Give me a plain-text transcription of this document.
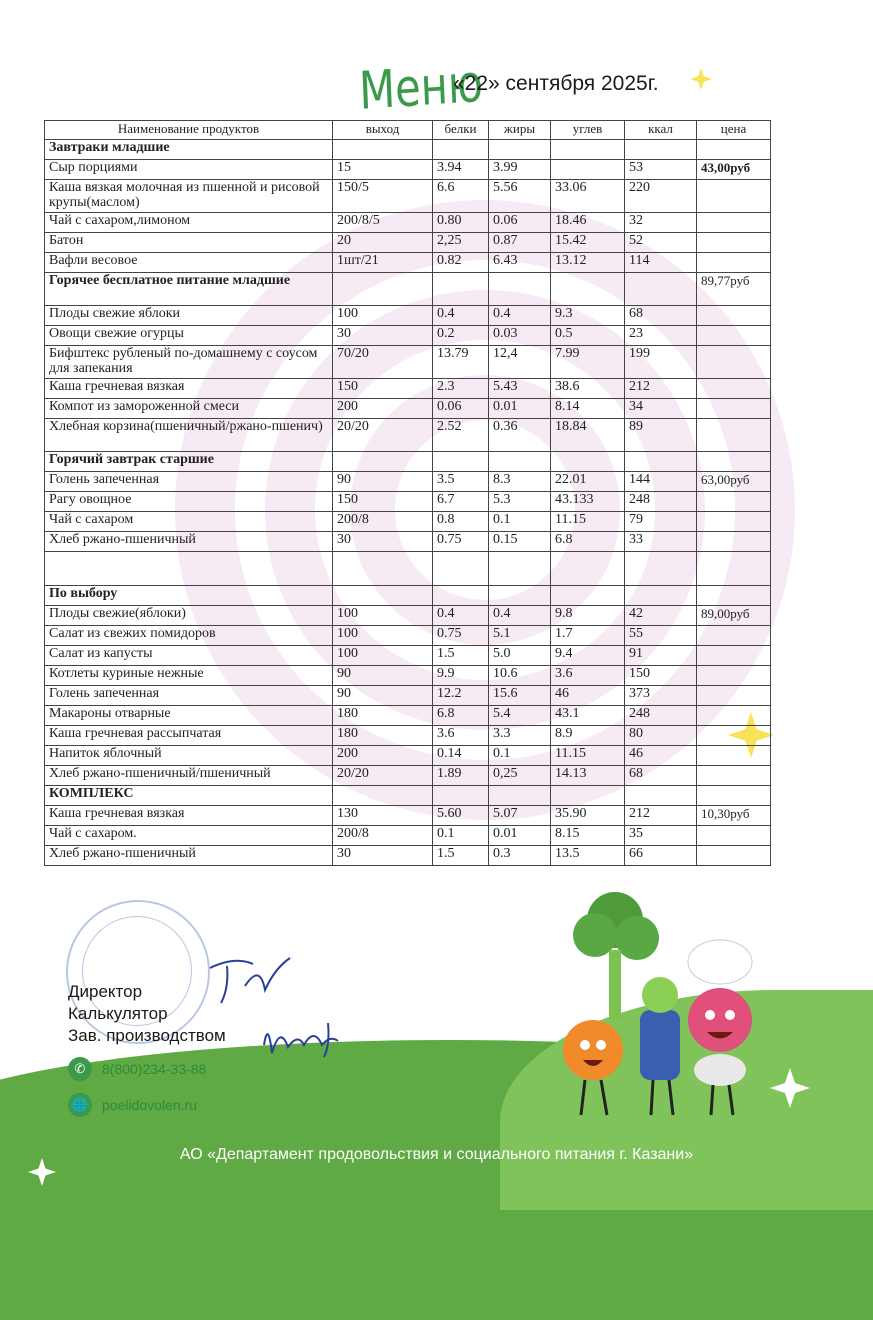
Меню
«22» сентября 2025г.
Наименование продуктов	выход	белки	жиры	углев	ккал	цена
Завтраки младшие						
Сыр порциями	15	3.94	3.99		53	43,00руб
Каша вязкая молочная из пшенной и рисовой крупы(маслом)	150/5	6.6	5.56	33.06	220	
Чай с сахаром,лимоном	200/8/5	0.80	0.06	18.46	32	
Батон	20	2,25	0.87	15.42	52	
Вафли весовое	1шт/21	0.82	6.43	13.12	114	
Горячее бесплатное питание младшие						89,77руб
Плоды свежие яблоки	100	0.4	0.4	9.3	68	
Овощи свежие огурцы	30	0.2	0.03	0.5	23	
Бифштекс рубленый по-домашнему с соусом для запекания	70/20	13.79	12,4	7.99	199	
Каша гречневая вязкая	150	2.3	5.43	38.6	212	
Компот из замороженной смеси	200	0.06	0.01	8.14	34	
Хлебная корзина(пшеничный/ржано-пшенич)	20/20	2.52	0.36	18.84	89	
Горячий завтрак старшие						
Голень запеченная	90	3.5	8.3	22.01	144	63,00руб
Рагу овощное	150	6.7	5.3	43.133	248	
Чай с сахаром	200/8	0.8	0.1	11.15	79	
Хлеб ржано-пшеничный	30	0.75	0.15	6.8	33	

По выбору						
Плоды свежие(яблоки)	100	0.4	0.4	9.8	42	89,00руб
Салат из свежих помидоров	100	0.75	5.1	1.7	55	
Салат из капусты	100	1.5	5.0	9.4	91	
Котлеты куриные нежные	90	9.9	10.6	3.6	150	
Голень запеченная	90	12.2	15.6	46	373	
Макароны отварные	180	6.8	5.4	43.1	248	
Каша гречневая рассыпчатая	180	3.6	3.3	8.9	80	
Напиток яблочный	200	0.14	0.1	11.15	46	
Хлеб ржано-пшеничный/пшеничный	20/20	1.89	0,25	14.13	68	
КОМПЛЕКС						
Каша гречневая вязкая	130	5.60	5.07	35.90	212	10,30руб
Чай с сахаром.	200/8	0.1	0.01	8.15	35	
Хлеб ржано-пшеничный	30	1.5	0.3	13.5	66	
Директор
Калькулятор
Зав. производством
✆	8(800)234-33-88
🌐 poelidovolen.ru
АО «Департамент продовольствия и социального питания г. Казани»
